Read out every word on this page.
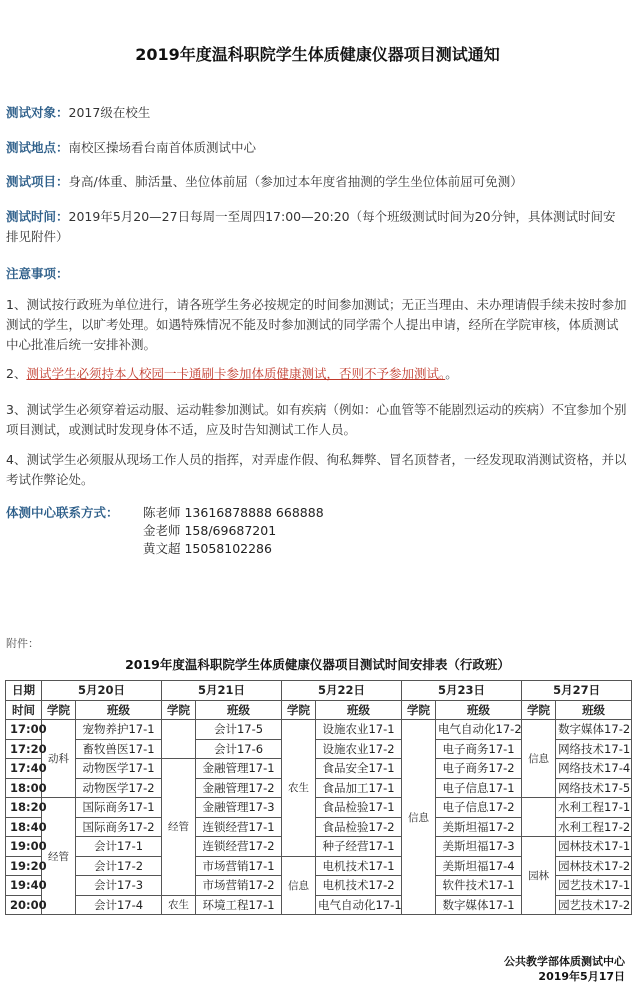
2019年度温科职院学生体质健康仪器项目测试通知
测试对象：2017级在校生
测试地点：南校区操场看台南首体质测试中心
测试项目：身高/体重、肺活量、坐位体前屈（参加过本年度省抽测的学生坐位体前屈可免测）
测试时间：2019年5月20—27日每周一至周四17:00—20:20（每个班级测试时间为20分钟，具体测试时间安排见附件）
注意事项：
1、测试按行政班为单位进行，请各班学生务必按规定的时间参加测试；无正当理由、未办理请假手续未按时参加测试的学生，以旷考处理。如遇特殊情况不能及时参加测试的同学需个人提出申请，经所在学院审核，体质测试中心批准后统一安排补测。
2、测试学生必须持本人校园一卡通刷卡参加体质健康测试，否则不予参加测试。。
3、测试学生必须穿着运动服、运动鞋参加测试。如有疾病（例如：心血管等不能剧烈运动的疾病）不宜参加个别项目测试，或测试时发现身体不适，应及时告知测试工作人员。
4、测试学生必须服从现场工作人员的指挥，对弄虚作假、徇私舞弊、冒名顶替者，一经发现取消测试资格，并以考试作弊论处。
体测中心联系方式： 陈老师 13616878888 668888
金老师 158/69687201
黄文超 15058102286
附件：
2019年度温科职院学生体质健康仪器项目测试时间安排表（行政班）
日期	5月20日		5月21日		5月22日		5月23日		5月27日	
时间	学院	班级	学院	班级	学院	班级	学院	班级	学院	班级
17:00	动科	宠物养护17-1		会计17-5	农生	设施农业17-1	信息	电气自动化17-2	信息	数字媒体17-2
17:20		畜牧兽医17-1		会计17-6		设施农业17-2		电子商务17-1		网络技术17-1
17:40		动物医学17-1	经管	金融管理17-1		食品安全17-1		电子商务17-2		网络技术17-4
18:00		动物医学17-2		金融管理17-2		食品加工17-1		电子信息17-1		网络技术17-5
18:20	经管	国际商务17-1		金融管理17-3		食品检验17-1		电子信息17-2		水利工程17-1
18:40		国际商务17-2		连锁经营17-1		食品检验17-2		美斯坦福17-2		水利工程17-2
19:00		会计17-1		连锁经营17-2		种子经营17-1		美斯坦福17-3	园林	园林技术17-1
19:20		会计17-2		市场营销17-1	信息	电机技术17-1		美斯坦福17-4		园林技术17-2
19:40		会计17-3		市场营销17-2		电机技术17-2		软件技术17-1		园艺技术17-1
20:00		会计17-4	农生	环境工程17-1		电气自动化17-1		数字媒体17-1		园艺技术17-2
公共教学部体质测试中心
2019年5月17日
